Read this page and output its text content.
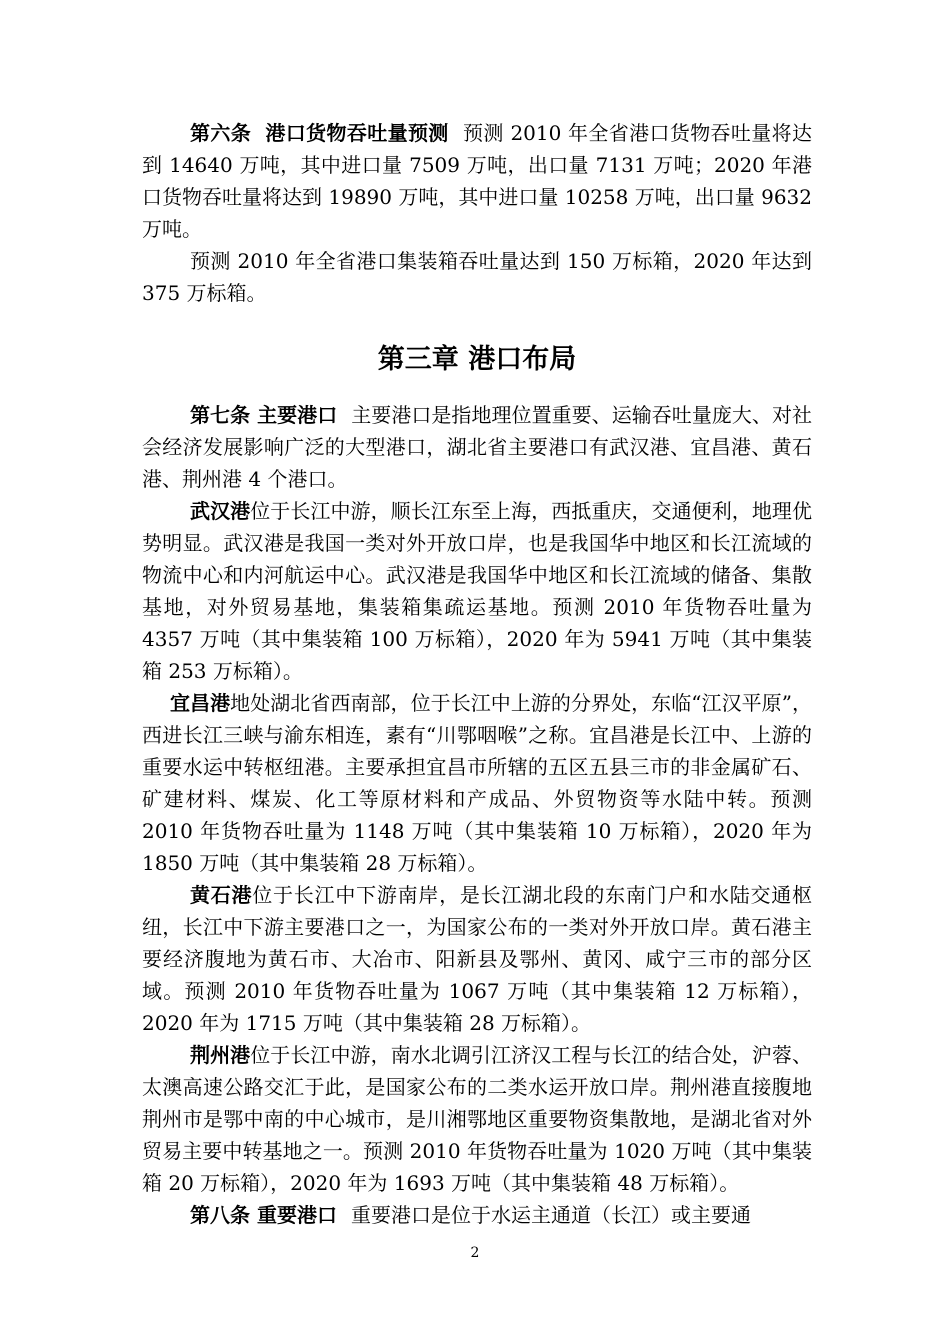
第六条 港口货物吞吐量预测 预测 2010 年全省港口货物吞吐量将达到 14640 万吨，其中进口量 7509 万吨，出口量 7131 万吨；2020 年港口货物吞吐量将达到 19890 万吨，其中进口量 10258 万吨，出口量 9632 万吨。

预测 2010 年全省港口集装箱吞吐量达到 150 万标箱，2020 年达到 375 万标箱。

第三章 港口布局

第七条 主要港口 主要港口是指地理位置重要、运输吞吐量庞大、对社会经济发展影响广泛的大型港口，湖北省主要港口有武汉港、宜昌港、黄石港、荆州港 4 个港口。

武汉港位于长江中游，顺长江东至上海，西抵重庆，交通便利，地理优势明显。武汉港是我国一类对外开放口岸，也是我国华中地区和长江流域的物流中心和内河航运中心。武汉港是我国华中地区和长江流域的储备、集散基地，对外贸易基地，集装箱集疏运基地。预测 2010 年货物吞吐量为 4357 万吨（其中集装箱 100 万标箱），2020 年为 5941 万吨（其中集装箱 253 万标箱）。

宜昌港地处湖北省西南部，位于长江中上游的分界处，东临“江汉平原”，西进长江三峡与渝东相连，素有“川鄂咽喉”之称。宜昌港是长江中、上游的重要水运中转枢纽港。主要承担宜昌市所辖的五区五县三市的非金属矿石、矿建材料、煤炭、化工等原材料和产成品、外贸物资等水陆中转。预测 2010 年货物吞吐量为 1148 万吨（其中集装箱 10 万标箱），2020 年为 1850 万吨（其中集装箱 28 万标箱）。

黄石港位于长江中下游南岸，是长江湖北段的东南门户和水陆交通枢纽，长江中下游主要港口之一，为国家公布的一类对外开放口岸。黄石港主要经济腹地为黄石市、大冶市、阳新县及鄂州、黄冈、咸宁三市的部分区域。预测 2010 年货物吞吐量为 1067 万吨（其中集装箱 12 万标箱），2020 年为 1715 万吨（其中集装箱 28 万标箱）。

荆州港位于长江中游，南水北调引江济汉工程与长江的结合处，沪蓉、太澳高速公路交汇于此，是国家公布的二类水运开放口岸。荆州港直接腹地荆州市是鄂中南的中心城市，是川湘鄂地区重要物资集散地，是湖北省对外贸易主要中转基地之一。预测 2010 年货物吞吐量为 1020 万吨（其中集装箱 20 万标箱），2020 年为 1693 万吨（其中集装箱 48 万标箱）。

第八条 重要港口 重要港口是位于水运主通道（长江）或主要通

2
